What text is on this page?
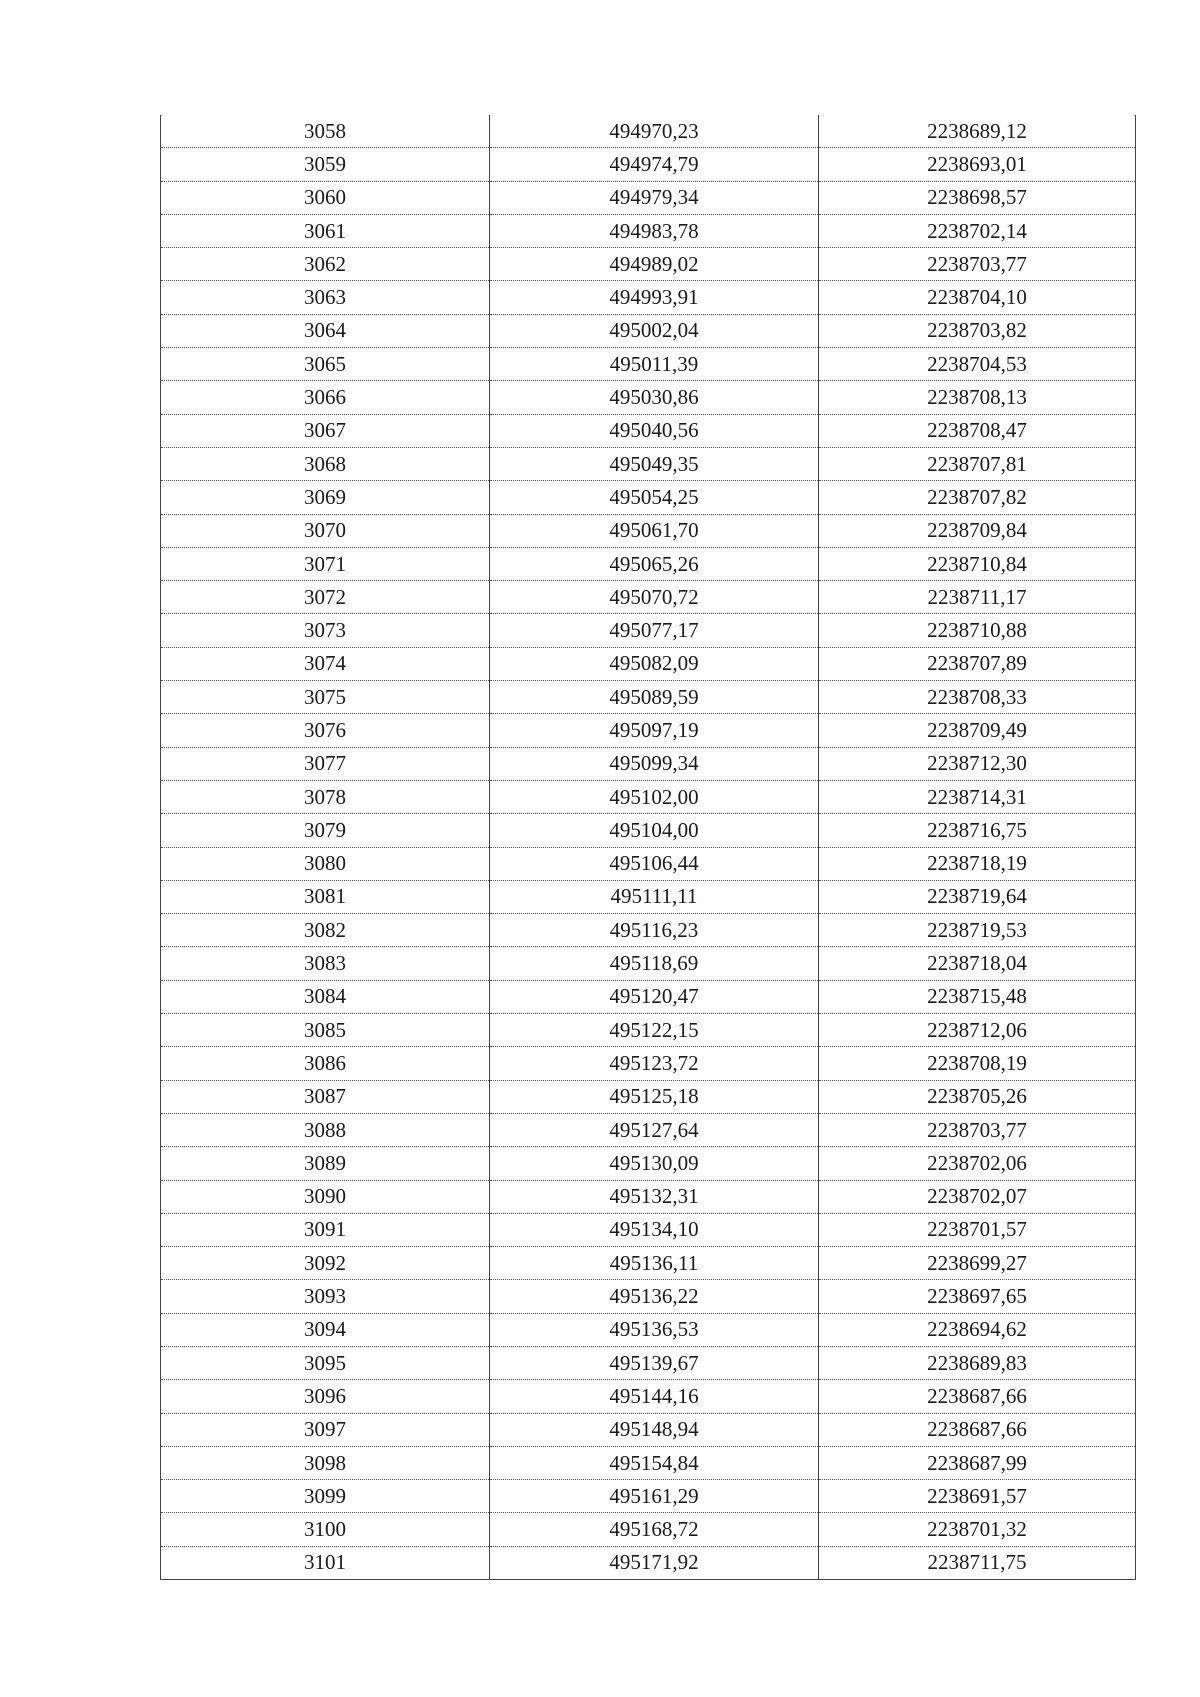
3058	494970,23	2238689,12
3059	494974,79	2238693,01
3060	494979,34	2238698,57
3061	494983,78	2238702,14
3062	494989,02	2238703,77
3063	494993,91	2238704,10
3064	495002,04	2238703,82
3065	495011,39	2238704,53
3066	495030,86	2238708,13
3067	495040,56	2238708,47
3068	495049,35	2238707,81
3069	495054,25	2238707,82
3070	495061,70	2238709,84
3071	495065,26	2238710,84
3072	495070,72	2238711,17
3073	495077,17	2238710,88
3074	495082,09	2238707,89
3075	495089,59	2238708,33
3076	495097,19	2238709,49
3077	495099,34	2238712,30
3078	495102,00	2238714,31
3079	495104,00	2238716,75
3080	495106,44	2238718,19
3081	495111,11	2238719,64
3082	495116,23	2238719,53
3083	495118,69	2238718,04
3084	495120,47	2238715,48
3085	495122,15	2238712,06
3086	495123,72	2238708,19
3087	495125,18	2238705,26
3088	495127,64	2238703,77
3089	495130,09	2238702,06
3090	495132,31	2238702,07
3091	495134,10	2238701,57
3092	495136,11	2238699,27
3093	495136,22	2238697,65
3094	495136,53	2238694,62
3095	495139,67	2238689,83
3096	495144,16	2238687,66
3097	495148,94	2238687,66
3098	495154,84	2238687,99
3099	495161,29	2238691,57
3100	495168,72	2238701,32
3101	495171,92	2238711,75
